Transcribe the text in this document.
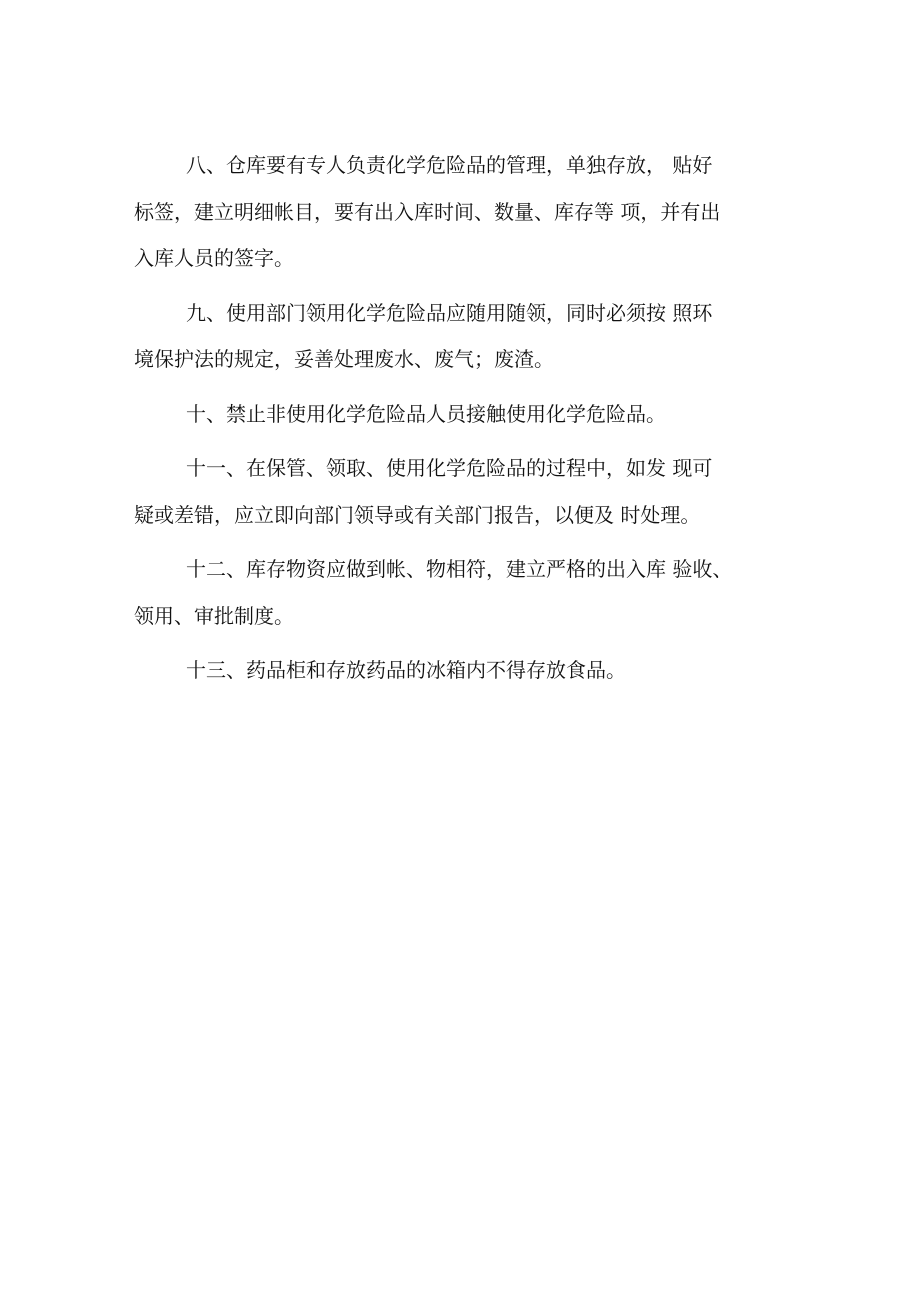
八、仓库要有专人负责化学危险品的管理，单独存放， 贴好
标签，建立明细帐目，要有出入库时间、数量、库存等 项，并有出
入库人员的签字。

九、使用部门领用化学危险品应随用随领，同时必须按 照环
境保护法的规定，妥善处理废水、废气；废渣。

十、禁止非使用化学危险品人员接触使用化学危险品。

十一、在保管、领取、使用化学危险品的过程中，如发 现可
疑或差错，应立即向部门领导或有关部门报告，以便及 时处理。

十二、库存物资应做到帐、物相符，建立严格的出入库 验收、
领用、审批制度。

十三、药品柜和存放药品的冰箱内不得存放食品。
